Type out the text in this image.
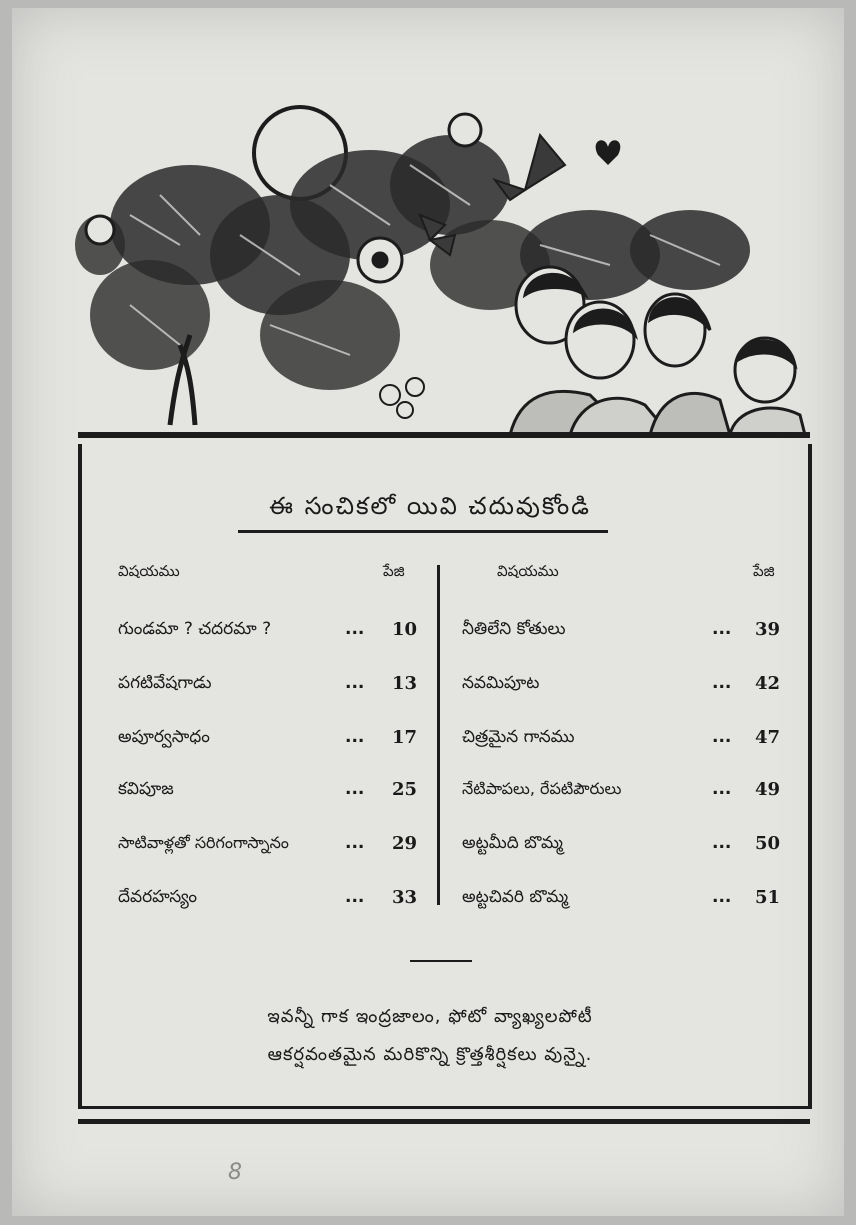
ఈ సంచికలో యివి చదువుకోండి
విషయము	పేజి	విషయము	పేజి
గుండమా ? చదరమా ?	... 10
పగటివేషగాడు	... 13
అపూర్వసాధం	... 17
కవిపూజ	... 25
సాటివాళ్లతో సరిగంగాస్నానం	... 29
దేవరహస్యం	... 33
నీతిలేని కోతులు	... 39
నవమిపూట	... 42
చిత్రమైన గానము	... 47
నేటిపాపలు, రేపటిపౌరులు	... 49
అట్టమీది బొమ్మ	... 50
అట్టచివరి బొమ్మ	... 51
ఇవన్నీ గాక ఇంద్రజాలం, ఫోటో వ్యాఖ్యలపోటీ
ఆకర్షవంతమైన మరికొన్ని క్రొత్తశీర్షికలు వున్నై.
8
